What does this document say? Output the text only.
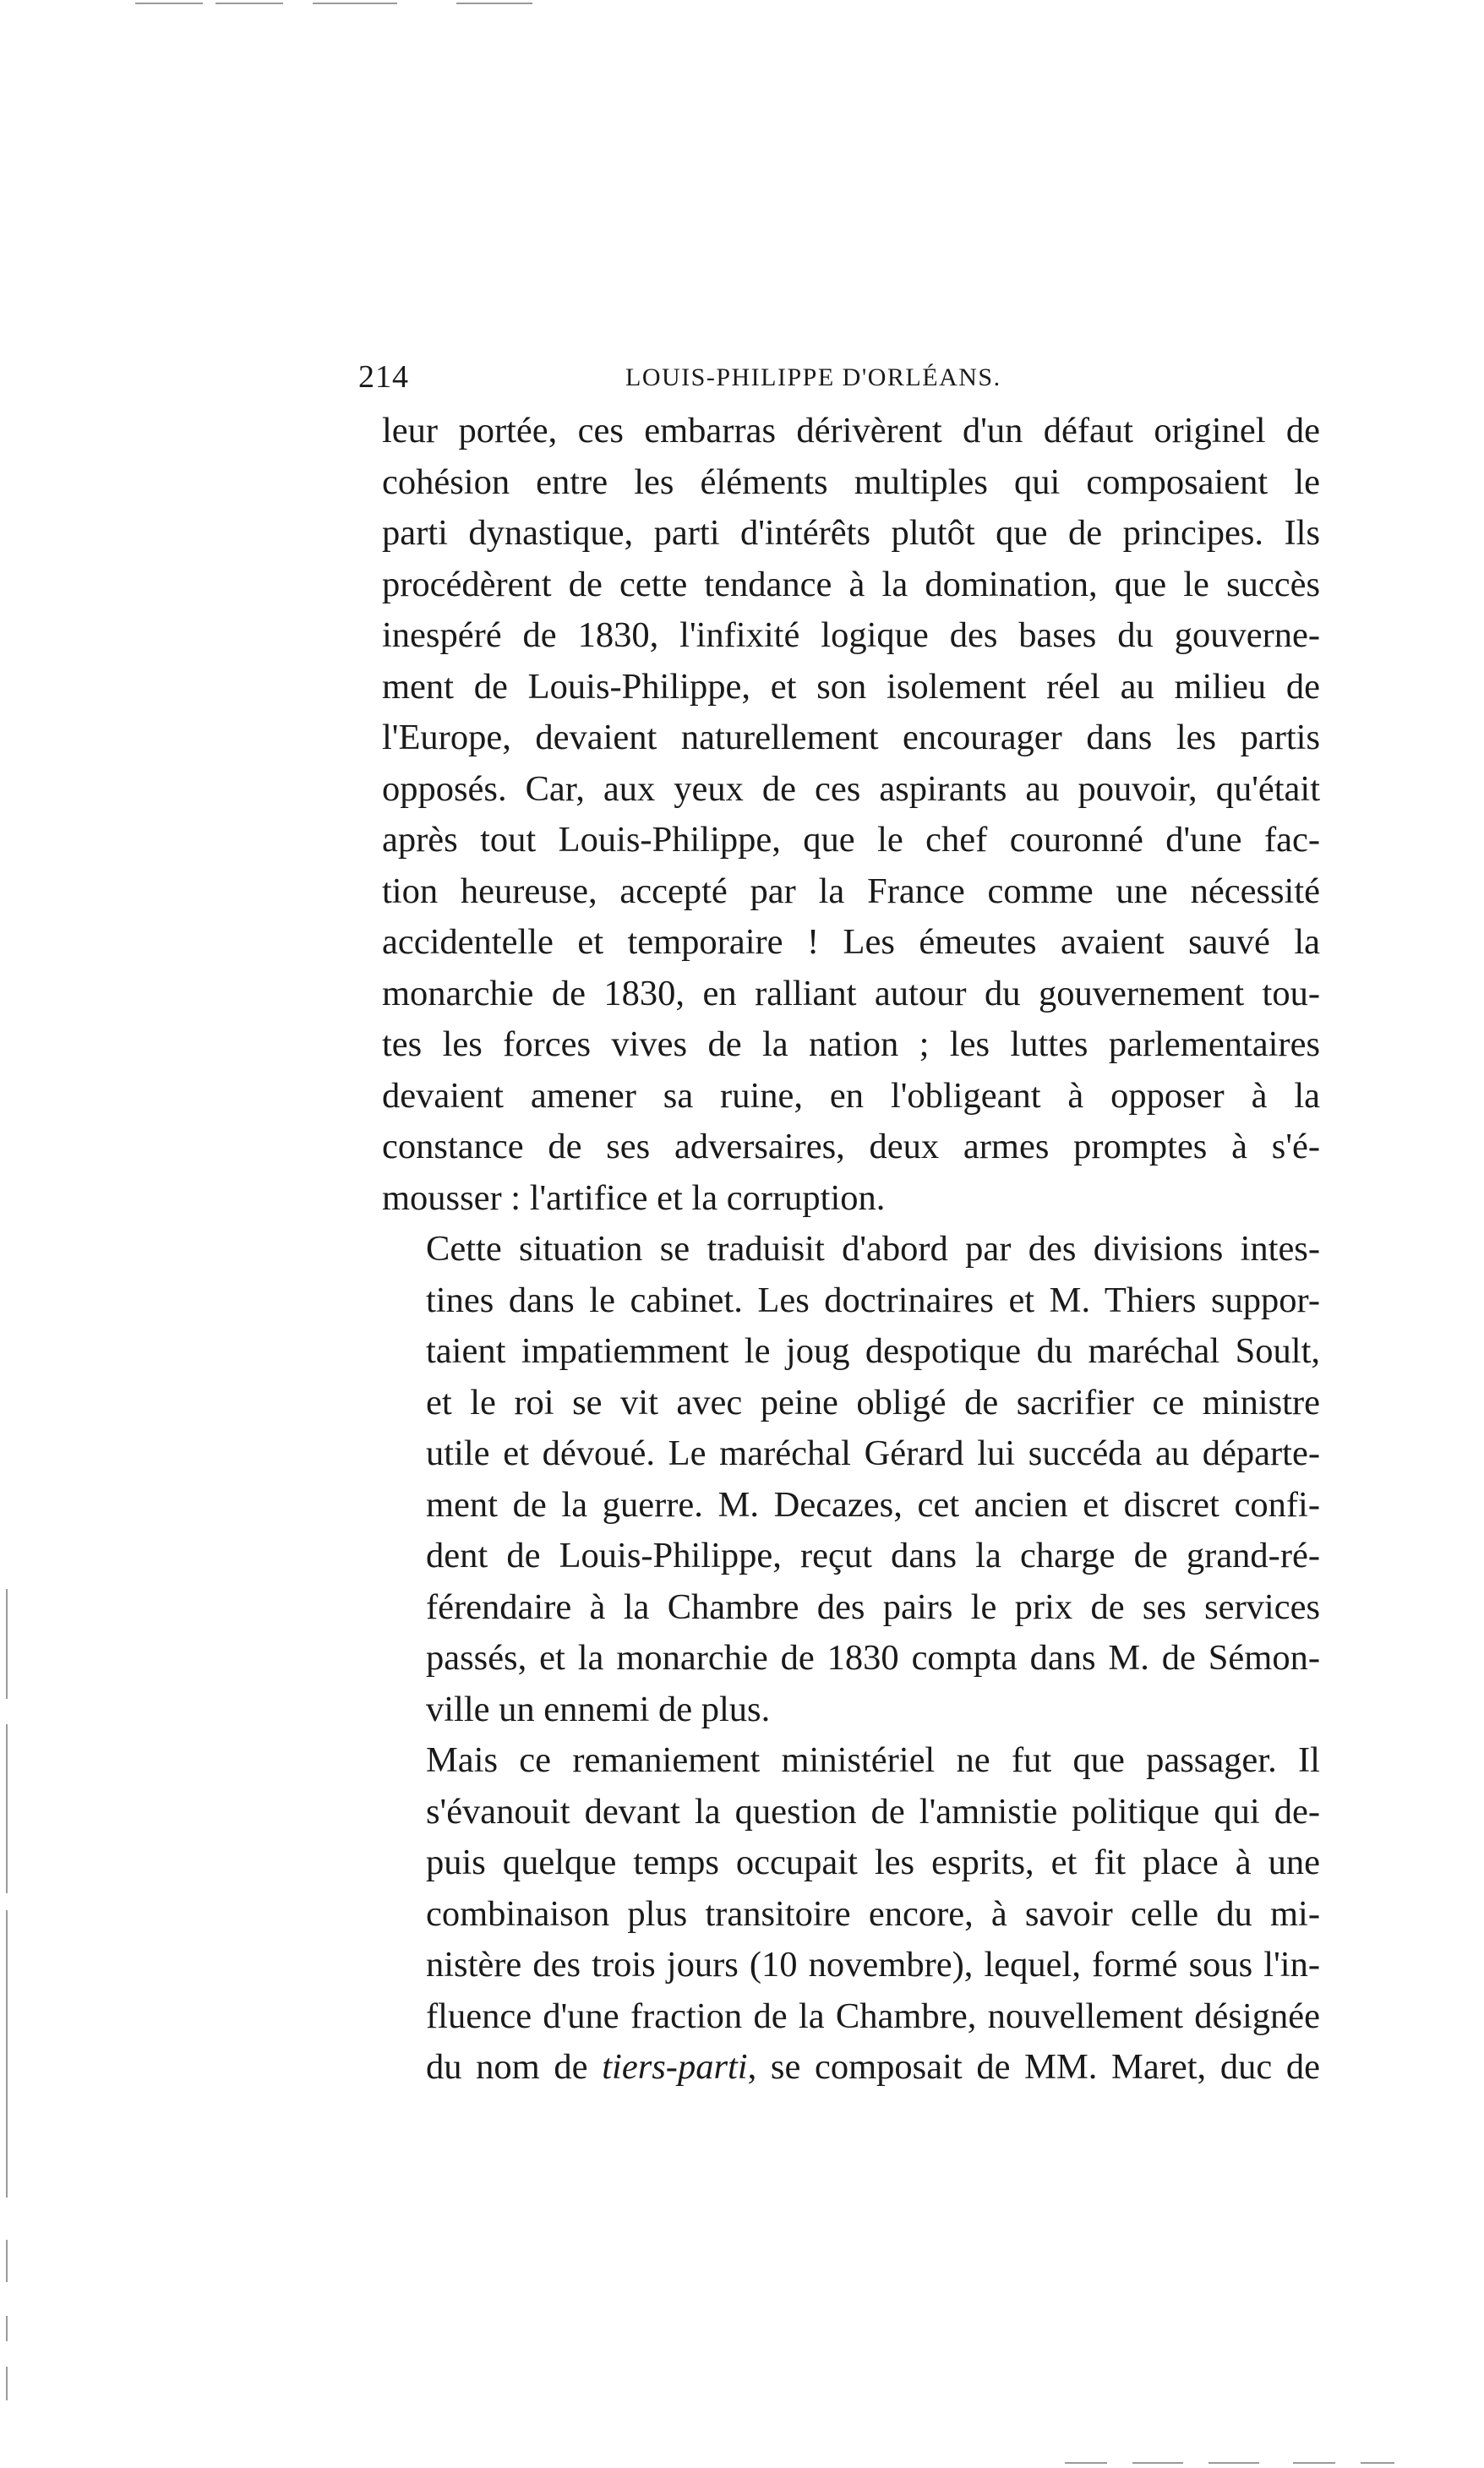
214	LOUIS-PHILIPPE D'ORLÉANS.

leur portée, ces embarras dérivèrent d'un défaut originel de
cohésion entre les éléments multiples qui composaient le
parti dynastique, parti d'intérêts plutôt que de principes. Ils
procédèrent de cette tendance à la domination, que le succès
inespéré de 1830, l'infixité logique des bases du gouverne-
ment de Louis-Philippe, et son isolement réel au milieu de
l'Europe, devaient naturellement encourager dans les partis
opposés. Car, aux yeux de ces aspirants au pouvoir, qu'était
après tout Louis-Philippe, que le chef couronné d'une fac-
tion heureuse, accepté par la France comme une nécessité
accidentelle et temporaire ! Les émeutes avaient sauvé la
monarchie de 1830, en ralliant autour du gouvernement tou-
tes les forces vives de la nation ; les luttes parlementaires
devaient amener sa ruine, en l'obligeant à opposer à la
constance de ses adversaires, deux armes promptes à s'é-
mousser : l'artifice et la corruption.

Cette situation se traduisit d'abord par des divisions intes-
tines dans le cabinet. Les doctrinaires et M. Thiers suppor-
taient impatiemment le joug despotique du maréchal Soult,
et le roi se vit avec peine obligé de sacrifier ce ministre
utile et dévoué. Le maréchal Gérard lui succéda au départe-
ment de la guerre. M. Decazes, cet ancien et discret confi-
dent de Louis-Philippe, reçut dans la charge de grand-ré-
férendaire à la Chambre des pairs le prix de ses services
passés, et la monarchie de 1830 compta dans M. de Sémon-
ville un ennemi de plus.

Mais ce remaniement ministériel ne fut que passager. Il
s'évanouit devant la question de l'amnistie politique qui de-
puis quelque temps occupait les esprits, et fit place à une
combinaison plus transitoire encore, à savoir celle du mi-
nistère des trois jours (10 novembre), lequel, formé sous l'in-
fluence d'une fraction de la Chambre, nouvellement désignée
du nom de tiers-parti, se composait de MM. Maret, duc de
